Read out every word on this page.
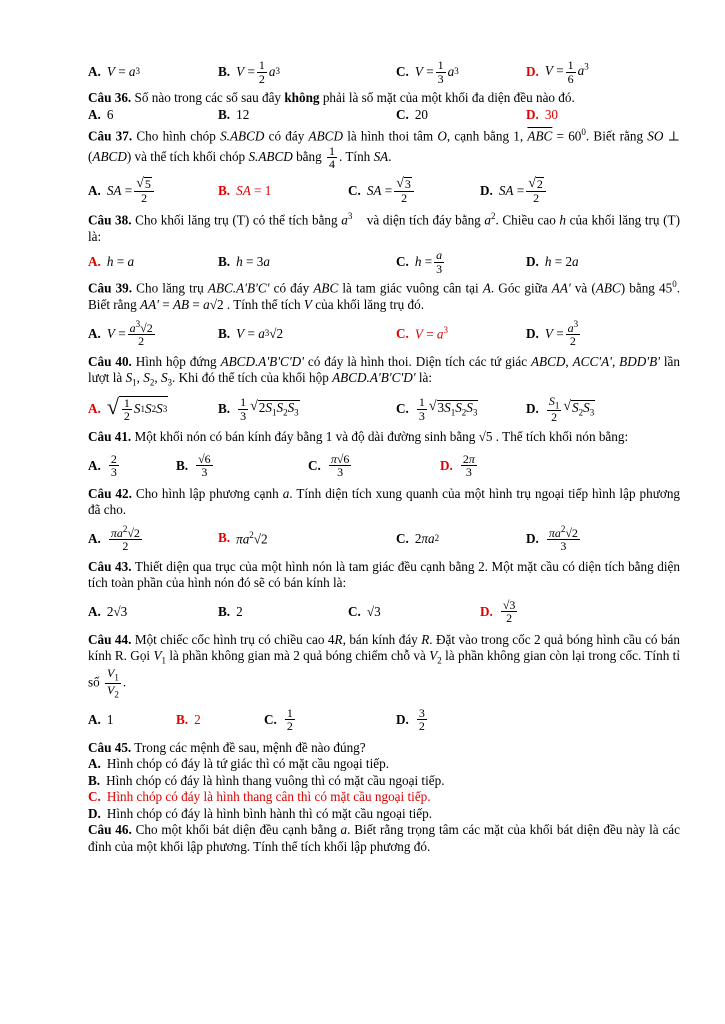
A. V = a 3	B. $V = \frac{1}{2}$ a 3	C. $V = \frac{1}{3}$ a 3	D. $V = \frac{1}{6} a^3$
Câu 36. Số nào trong các số sau đây không phải là số mặt của một khối đa diện đều nào đó.
A. 6	B. 12	C. 20	D. 30
Câu 37. Cho hình chóp S.ABCD có đáy ABCD là hình thoi tâm O, cạnh bằng 1, $\overline{ABC} = 60^0$. Biết rằng SO ⊥ (ABCD) và thể tích khối chóp S.ABCD bằng $\frac{1}{4}$ . Tính SA.
A. SA = $\frac{√ 5}{2}$	B. SA = 1	C. SA = $\frac{√ 3}{2}$	D. SA = $\frac{√ 2}{2}$
Câu 38. Cho khối lăng trụ (T) có thể tích bằng $a^3$    và diện tích đáy bằng $a^2$. Chiều cao h của khối lăng trụ (T) là:
A. h = a	B. h = 3 a	C. $h = \frac{a}{3}$	D. h = 2 a
Câu 39. Cho lăng trụ ABC.A'B'C' có đáy ABC là tam giác vuông cân tại A. Góc giữa AA' và (ABC) bằng $45^0$. Biết rằng AA' = AB = a√2 . Tính thể tích V của khối lăng trụ đó.
A. $V = \frac{a^3√2}{2}$	B. V = a 3 √2	C. $V = a^3$	D. $V = \frac{a^3}{2}$
Câu 40. Hình hộp đứng ABCD.A'B'C'D' có đáy là hình thoi. Diện tích các tứ giác ABCD, ACC'A', BDD'B' lần lượt là $S_1$, $S_2$, $S_3$. Khi đó thể tích của khối hộp ABCD.A'B'C'D' là:
A. √ $\frac{1}{2}$ S 1 S 2 S 3	B. $\frac{1}{3}$ √ $2S_1S_2S_3$	C. $\frac{1}{3}$ √ $3S_1S_2S_3$	D. $\frac{S_1}{2}$ √ $S_2S_3$
Câu 41. Một khối nón có bán kính đáy bằng 1 và độ dài đường sinh bằng √5 . Thể tích khối nón bằng:
A. $\frac{2}{3}$	B. $\frac{√6}{3}$	C. $\frac{\pi√6}{3}$	D. $\frac{2\pi}{3}$
Câu 42. Cho hình lập phương cạnh a. Tính diện tích xung quanh của một hình trụ ngoại tiếp hình lập phương đã cho.
A. $\frac{\pi a^2√2}{2}$	B. $\pi a^2√2$	C. 2 πa 2	D. $\frac{\pi a^2√2}{3}$
Câu 43. Thiết diện qua trục của một hình nón là tam giác đều cạnh bằng 2. Một mặt cầu có diện tích bằng diện tích toàn phần của hình nón đó sẽ có bán kính là:
A. 2√3	B. 2	C. √3	D. $\frac{√3}{2}$
Câu 44. Một chiếc cốc hình trụ có chiều cao 4R, bán kính đáy R. Đặt vào trong cốc 2 quả bóng hình cầu có bán kính R. Gọi $V_1$ là phần không gian mà 2 quả bóng chiếm chỗ và $V_2$ là phần không gian còn lại trong cốc. Tính tỉ số $\frac{V_1}{V_2}$ .
A. 1	B. 2	C. $\frac{1}{2}$	D. $\frac{3}{2}$
Câu 45. Trong các mệnh đề sau, mệnh đề nào đúng?
A. Hình chóp có đáy là tứ giác thì có mặt cầu ngoại tiếp.
B. Hình chóp có đáy là hình thang vuông thì có mặt cầu ngoại tiếp.
C. Hình chóp có đáy là hình thang cân thì có mặt cầu ngoại tiếp.
D. Hình chóp có đáy là hình bình hành thì có mặt cầu ngoại tiếp.
Câu 46. Cho một khối bát diện đều cạnh bằng a. Biết rằng trọng tâm các mặt của khối bát diện đều này là các đỉnh của một khối lập phương. Tính thể tích khối lập phương đó.
